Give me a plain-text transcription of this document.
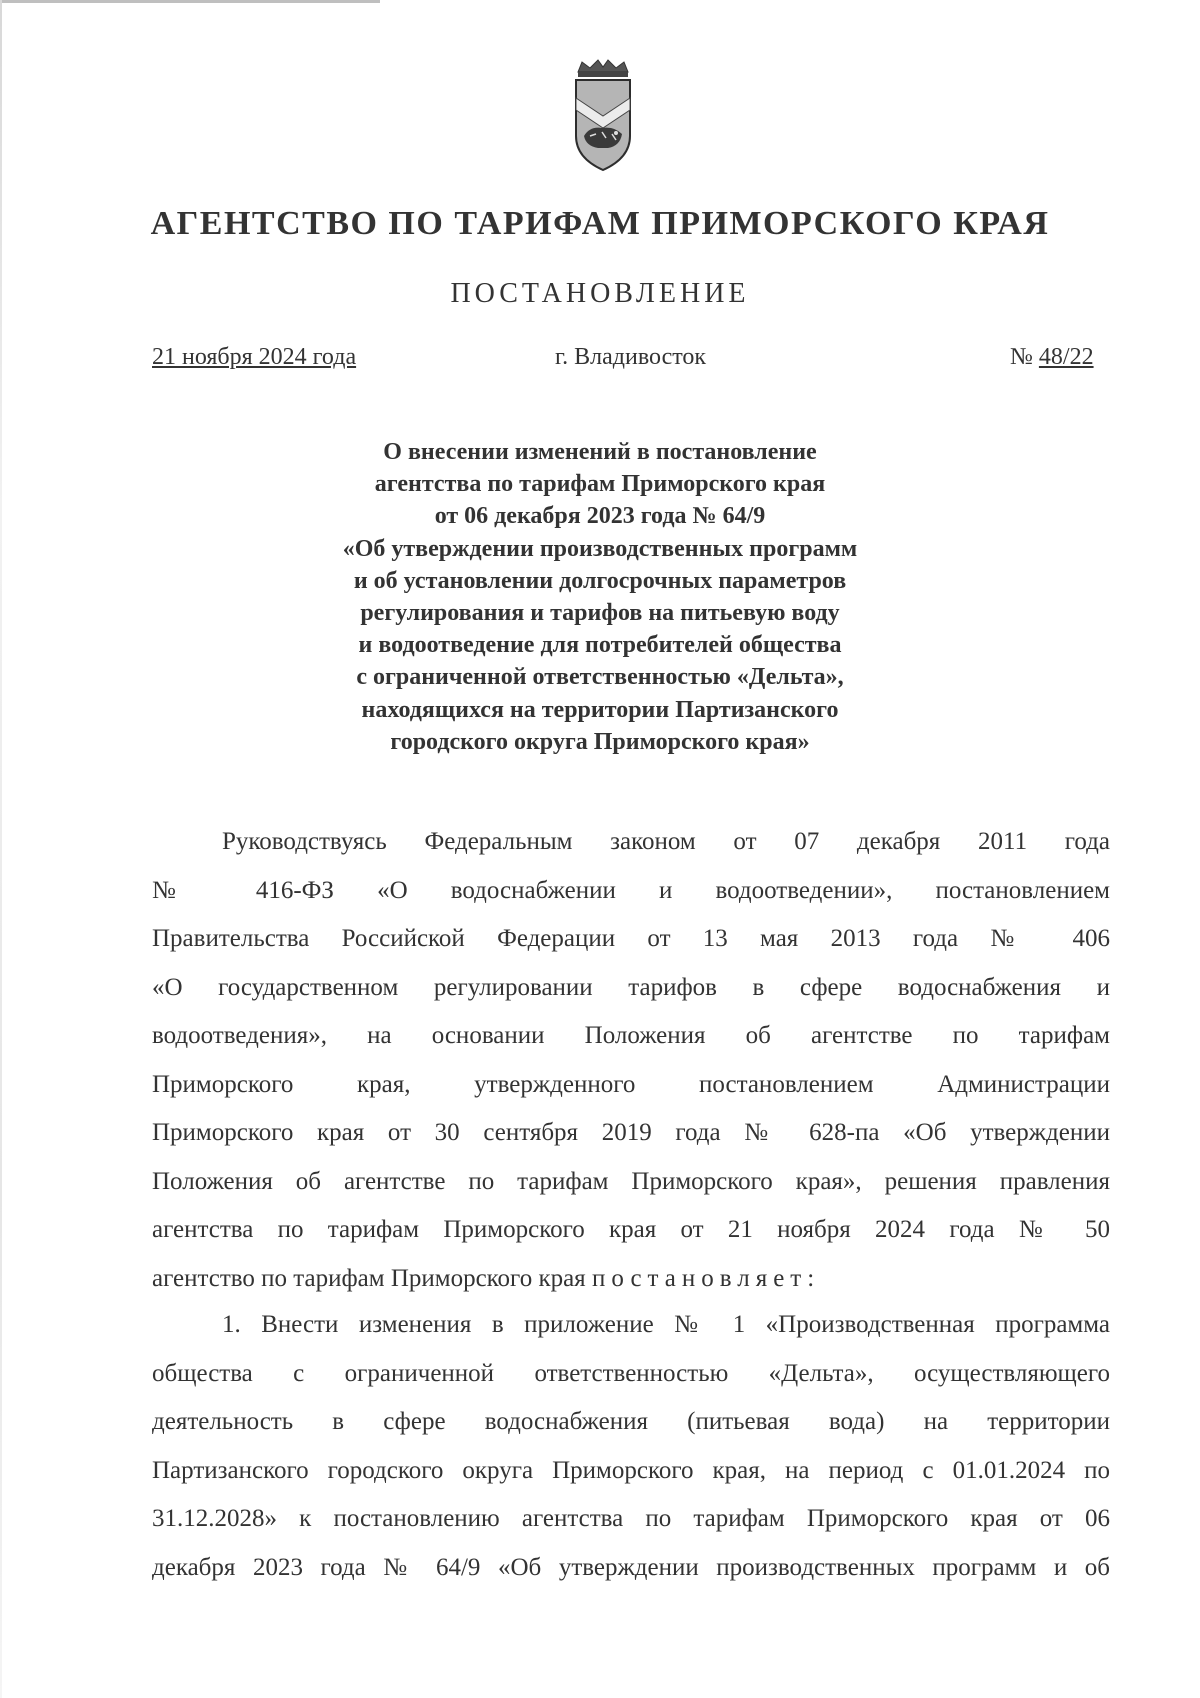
АГЕНТСТВО ПО ТАРИФАМ ПРИМОРСКОГО КРАЯ
ПОСТАНОВЛЕНИЕ
21 ноября 2024 года	г. Владивосток	№ 48/22
О внесении изменений в постановление
агентства по тарифам Приморского края
от 06 декабря 2023 года № 64/9
«Об утверждении производственных программ
и об установлении долгосрочных параметров
регулирования и тарифов на питьевую воду
и водоотведение для потребителей общества
с ограниченной ответственностью «Дельта»,
находящихся на территории Партизанского
городского округа Приморского края»
Руководствуясь Федеральным законом от 07 декабря 2011 года
№ 416-ФЗ «О водоснабжении и водоотведении», постановлением
Правительства Российской Федерации от 13 мая 2013 года № 406
«О государственном регулировании тарифов в сфере водоснабжения и
водоотведения», на основании Положения об агентстве по тарифам
Приморского края, утвержденного постановлением Администрации
Приморского края от 30 сентября 2019 года № 628-па «Об утверждении
Положения об агентстве по тарифам Приморского края», решения правления
агентства по тарифам Приморского края от 21 ноября 2024 года № 50
агентство по тарифам Приморского края постановляет:
1. Внести изменения в приложение № 1 «Производственная программа
общества с ограниченной ответственностью «Дельта», осуществляющего
деятельность в сфере водоснабжения (питьевая вода) на территории
Партизанского городского округа Приморского края, на период с 01.01.2024 по
31.12.2028» к постановлению агентства по тарифам Приморского края от 06
декабря 2023 года № 64/9 «Об утверждении производственных программ и об
